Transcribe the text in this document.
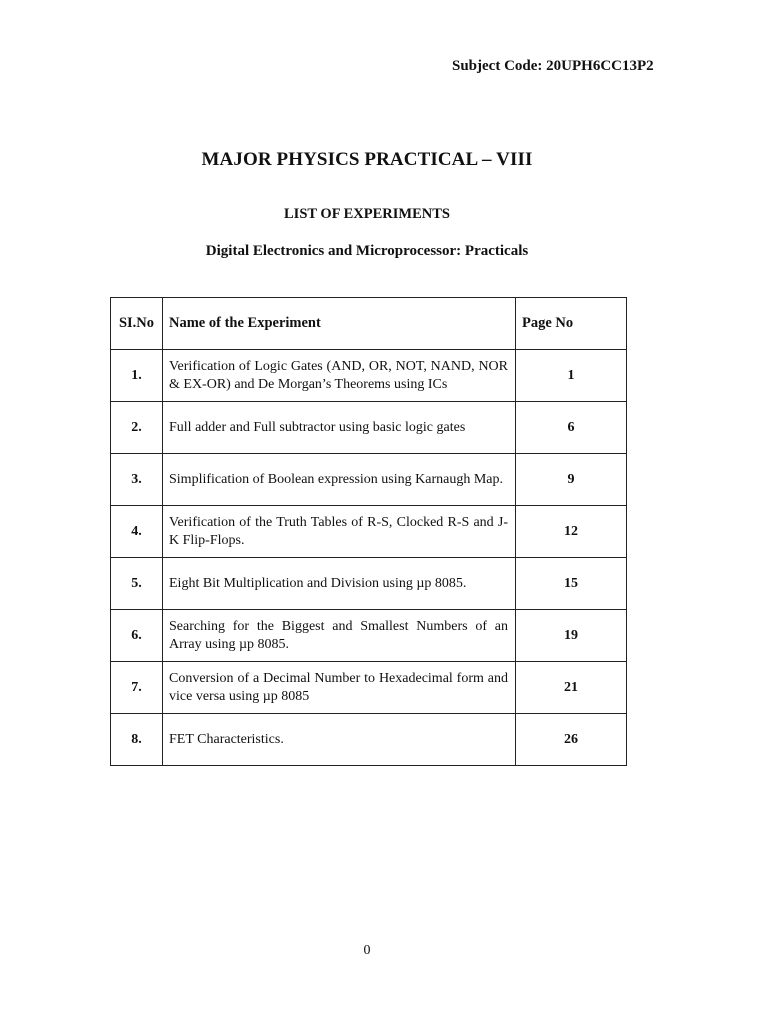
Subject Code: 20UPH6CC13P2
MAJOR PHYSICS PRACTICAL – VIII
LIST OF EXPERIMENTS
Digital Electronics and Microprocessor: Practicals
SI.No	Name of the Experiment	Page No
1.	Verification of Logic Gates (AND, OR, NOT, NAND, NOR & EX-OR) and De Morgan’s Theorems using ICs	1
2.	Full adder and Full subtractor using basic logic gates	6
3.	Simplification of Boolean expression using Karnaugh Map.	9
4.	Verification of the Truth Tables of R-S, Clocked R-S and J-K Flip-Flops.	12
5.	Eight Bit Multiplication and Division using µp 8085.	15
6.	Searching for the Biggest and Smallest Numbers of an Array using µp 8085.	19
7.	Conversion of a Decimal Number to Hexadecimal form and vice versa using µp 8085	21
8.	FET Characteristics.	26
0
